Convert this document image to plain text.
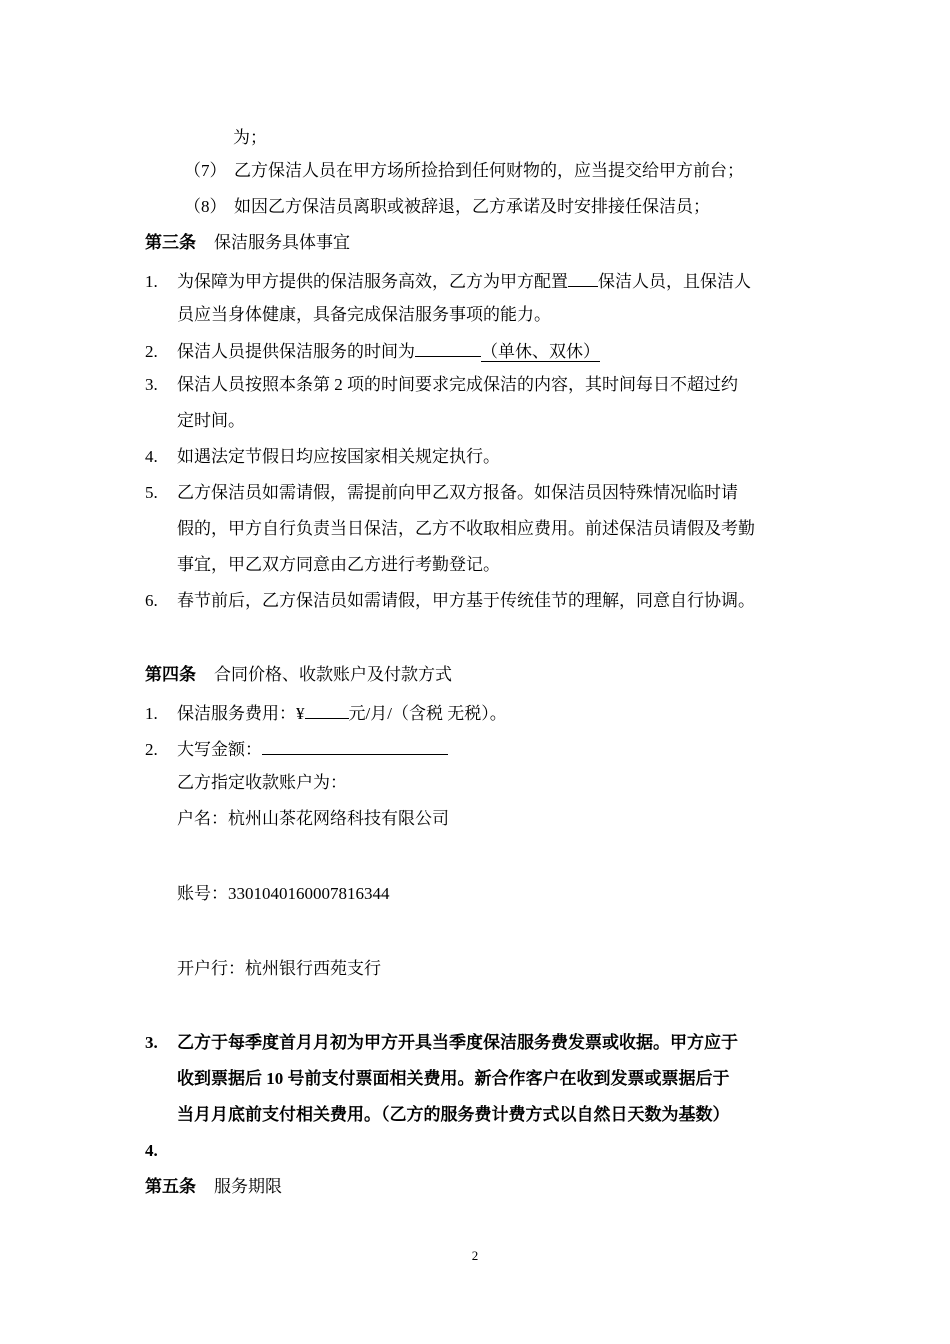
为；
（7） 乙方保洁人员在甲方场所捡拾到任何财物的，应当提交给甲方前台；
（8） 如因乙方保洁员离职或被辞退，乙方承诺及时安排接任保洁员；
第三条 保洁服务具体事宜
1. 为保障为甲方提供的保洁服务高效，乙方为甲方配置 保洁人员，且保洁人
员应当身体健康，具备完成保洁服务事项的能力。
2. 保洁人员提供保洁服务的时间为	（单休、双休）
3. 保洁人员按照本条第 2 项的时间要求完成保洁的内容，其时间每日不超过约
定时间。
4. 如遇法定节假日均应按国家相关规定执行。
5. 乙方保洁员如需请假，需提前向甲乙双方报备。如保洁员因特殊情况临时请
假的，甲方自行负责当日保洁，乙方不收取相应费用。前述保洁员请假及考勤
事宜，甲乙双方同意由乙方进行考勤登记。
6. 春节前后，乙方保洁员如需请假，甲方基于传统佳节的理解，同意自行协调。
第四条 合同价格、收款账户及付款方式
1. 保洁服务费用：¥	元/月/（含税 无税）。
2. 大写金额：
乙方指定收款账户为：
户名：杭州山茶花网络科技有限公司
账号：3301040160007816344
开户行：杭州银行西苑支行
3. 乙方于每季度首月月初为甲方开具当季度保洁服务费发票或收据。甲方应于
收到票据后 10 号前支付票面相关费用。新合作客户在收到发票或票据后于
当月月底前支付相关费用。（乙方的服务费计费方式以自然日天数为基数）
4.
第五条 服务期限
2
